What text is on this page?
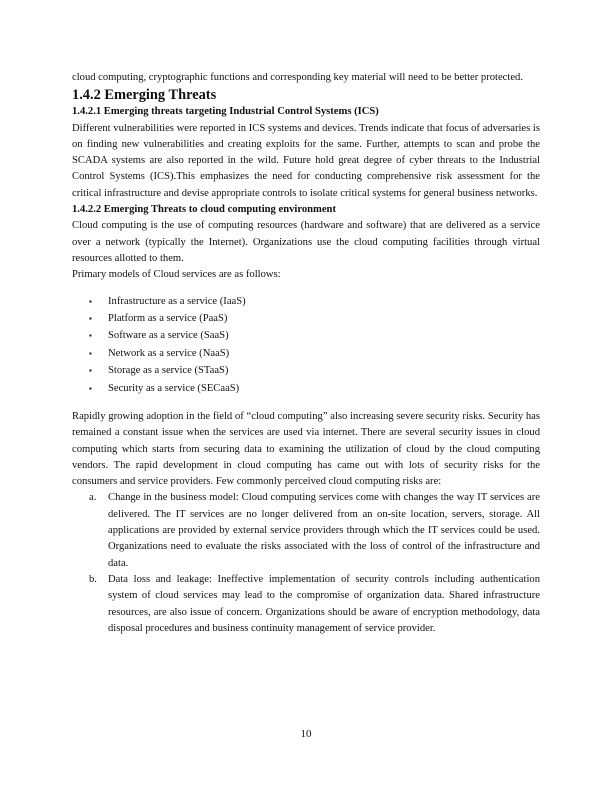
cloud computing, cryptographic functions and corresponding key material will need to be better protected.

1.4.2 Emerging Threats
1.4.2.1 Emerging threats targeting Industrial Control Systems (ICS)

Different vulnerabilities were reported in ICS systems and devices. Trends indicate that focus of adversaries is on finding new vulnerabilities and creating exploits for the same. Further, attempts to scan and probe the SCADA systems are also reported in the wild. Future hold great degree of cyber threats to the Industrial Control Systems (ICS).This emphasizes the need for conducting comprehensive risk assessment for the critical infrastructure and devise appropriate controls to isolate critical systems for general business networks.

1.4.2.2 Emerging Threats to cloud computing environment

Cloud computing is the use of computing resources (hardware and software) that are delivered as a service over a network (typically the Internet). Organizations use the cloud computing facilities through virtual resources allotted to them.

Primary models of Cloud services are as follows:

▪ Infrastructure as a service (IaaS)
▪ Platform as a service (PaaS)
▪ Software as a service (SaaS)
▪ Network as a service (NaaS)
▪ Storage as a service (STaaS)
▪ Security as a service (SECaaS)

Rapidly growing adoption in the field of “cloud computing” also increasing severe security risks. Security has remained a constant issue when the services are used via internet. There are several security issues in cloud computing which starts from securing data to examining the utilization of cloud by the cloud computing vendors. The rapid development in cloud computing has came out with lots of security risks for the consumers and service providers. Few commonly perceived cloud computing risks are:

a. Change in the business model: Cloud computing services come with changes the way IT services are delivered. The IT services are no longer delivered from an on-site location, servers, storage. All applications are provided by external service providers through which the IT services could be used. Organizations need to evaluate the risks associated with the loss of control of the infrastructure and data.
b. Data loss and leakage: Ineffective implementation of security controls including authentication system of cloud services may lead to the compromise of organization data. Shared infrastructure resources, are also issue of concern. Organizations should be aware of encryption methodology, data disposal procedures and business continuity management of service provider.
10
